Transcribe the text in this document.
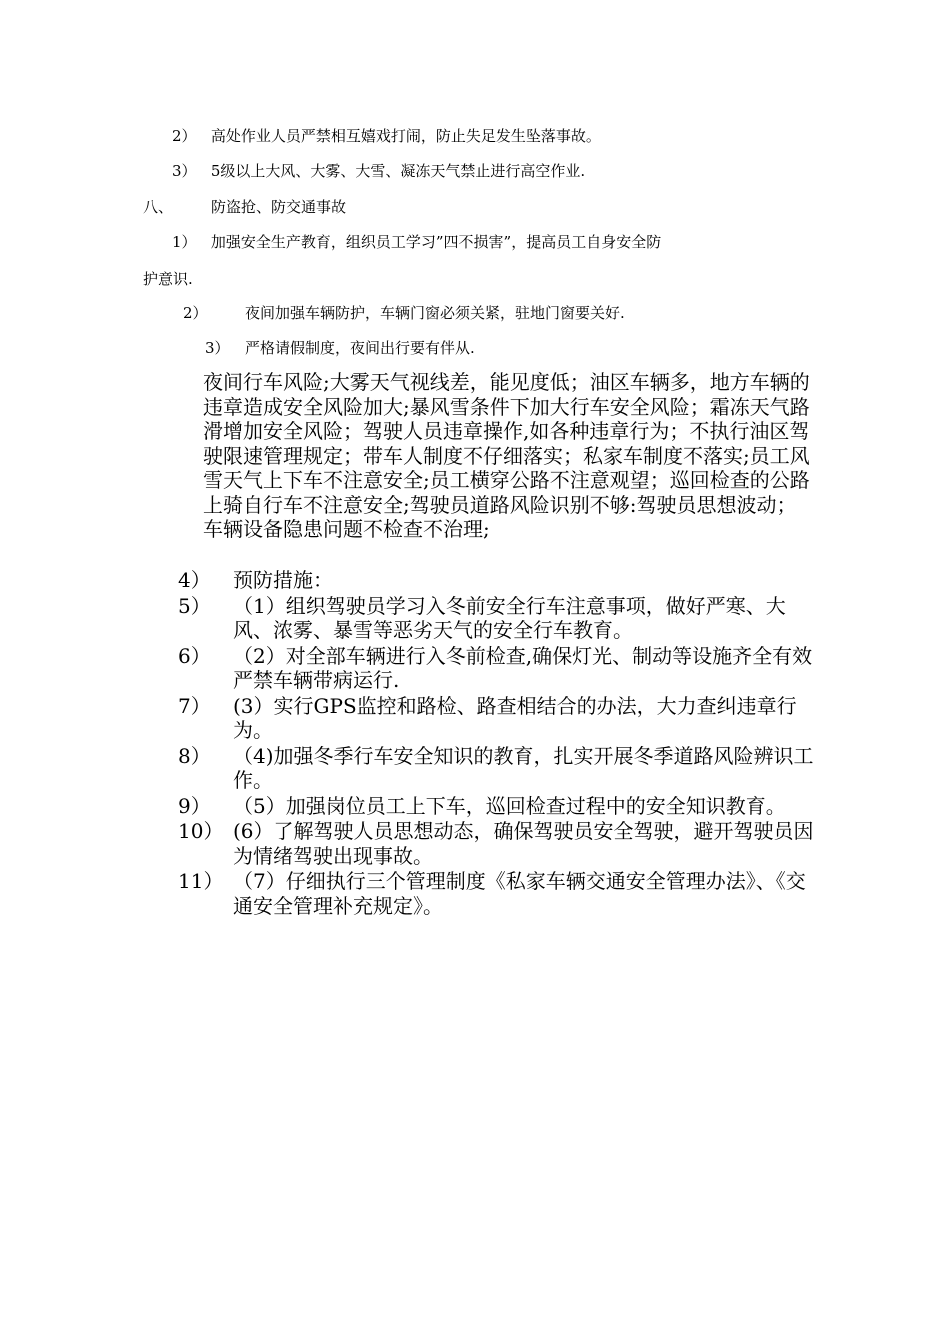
2） 高处作业人员严禁相互嬉戏打闹，防止失足发生坠落事故。
3） 5级以上大风、大雾、大雪、凝冻天气禁止进行高空作业.
八、	防盗抢、防交通事故
1） 加强安全生产教育，组织员工学习”四不损害”，提高员工自身安全防
护意识.
2） 夜间加强车辆防护，车辆门窗必须关紧，驻地门窗要关好.
3） 严格请假制度，夜间出行要有伴从.
夜间行车风险;大雾天气视线差，能见度低；油区车辆多，地方车辆的违章造成安全风险加大;暴风雪条件下加大行车安全风险；霜冻天气路滑增加安全风险；驾驶人员违章操作,如各种违章行为；不执行油区驾驶限速管理规定；带车人制度不仔细落实；私家车制度不落实;员工风雪天气上下车不注意安全;员工横穿公路不注意观望；巡回检查的公路上骑自行车不注意安全;驾驶员道路风险识别不够:驾驶员思想波动；车辆设备隐患问题不检查不治理;
4）	预防措施：
5）	（1）组织驾驶员学习入冬前安全行车注意事项，做好严寒、大风、浓雾、暴雪等恶劣天气的安全行车教育。
6）	（2）对全部车辆进行入冬前检查,确保灯光、制动等设施齐全有效严禁车辆带病运行.
7）	(3）实行GPS监控和路检、路查相结合的办法，大力查纠违章行为。
8）	（4)加强冬季行车安全知识的教育，扎实开展冬季道路风险辨识工作。
9）	（5）加强岗位员工上下车，巡回检查过程中的安全知识教育。
10） (6）了解驾驶人员思想动态，确保驾驶员安全驾驶，避开驾驶员因为情绪驾驶出现事故。
11） （7）仔细执行三个管理制度《私家车辆交通安全管理办法》、《交通安全管理补充规定》。
